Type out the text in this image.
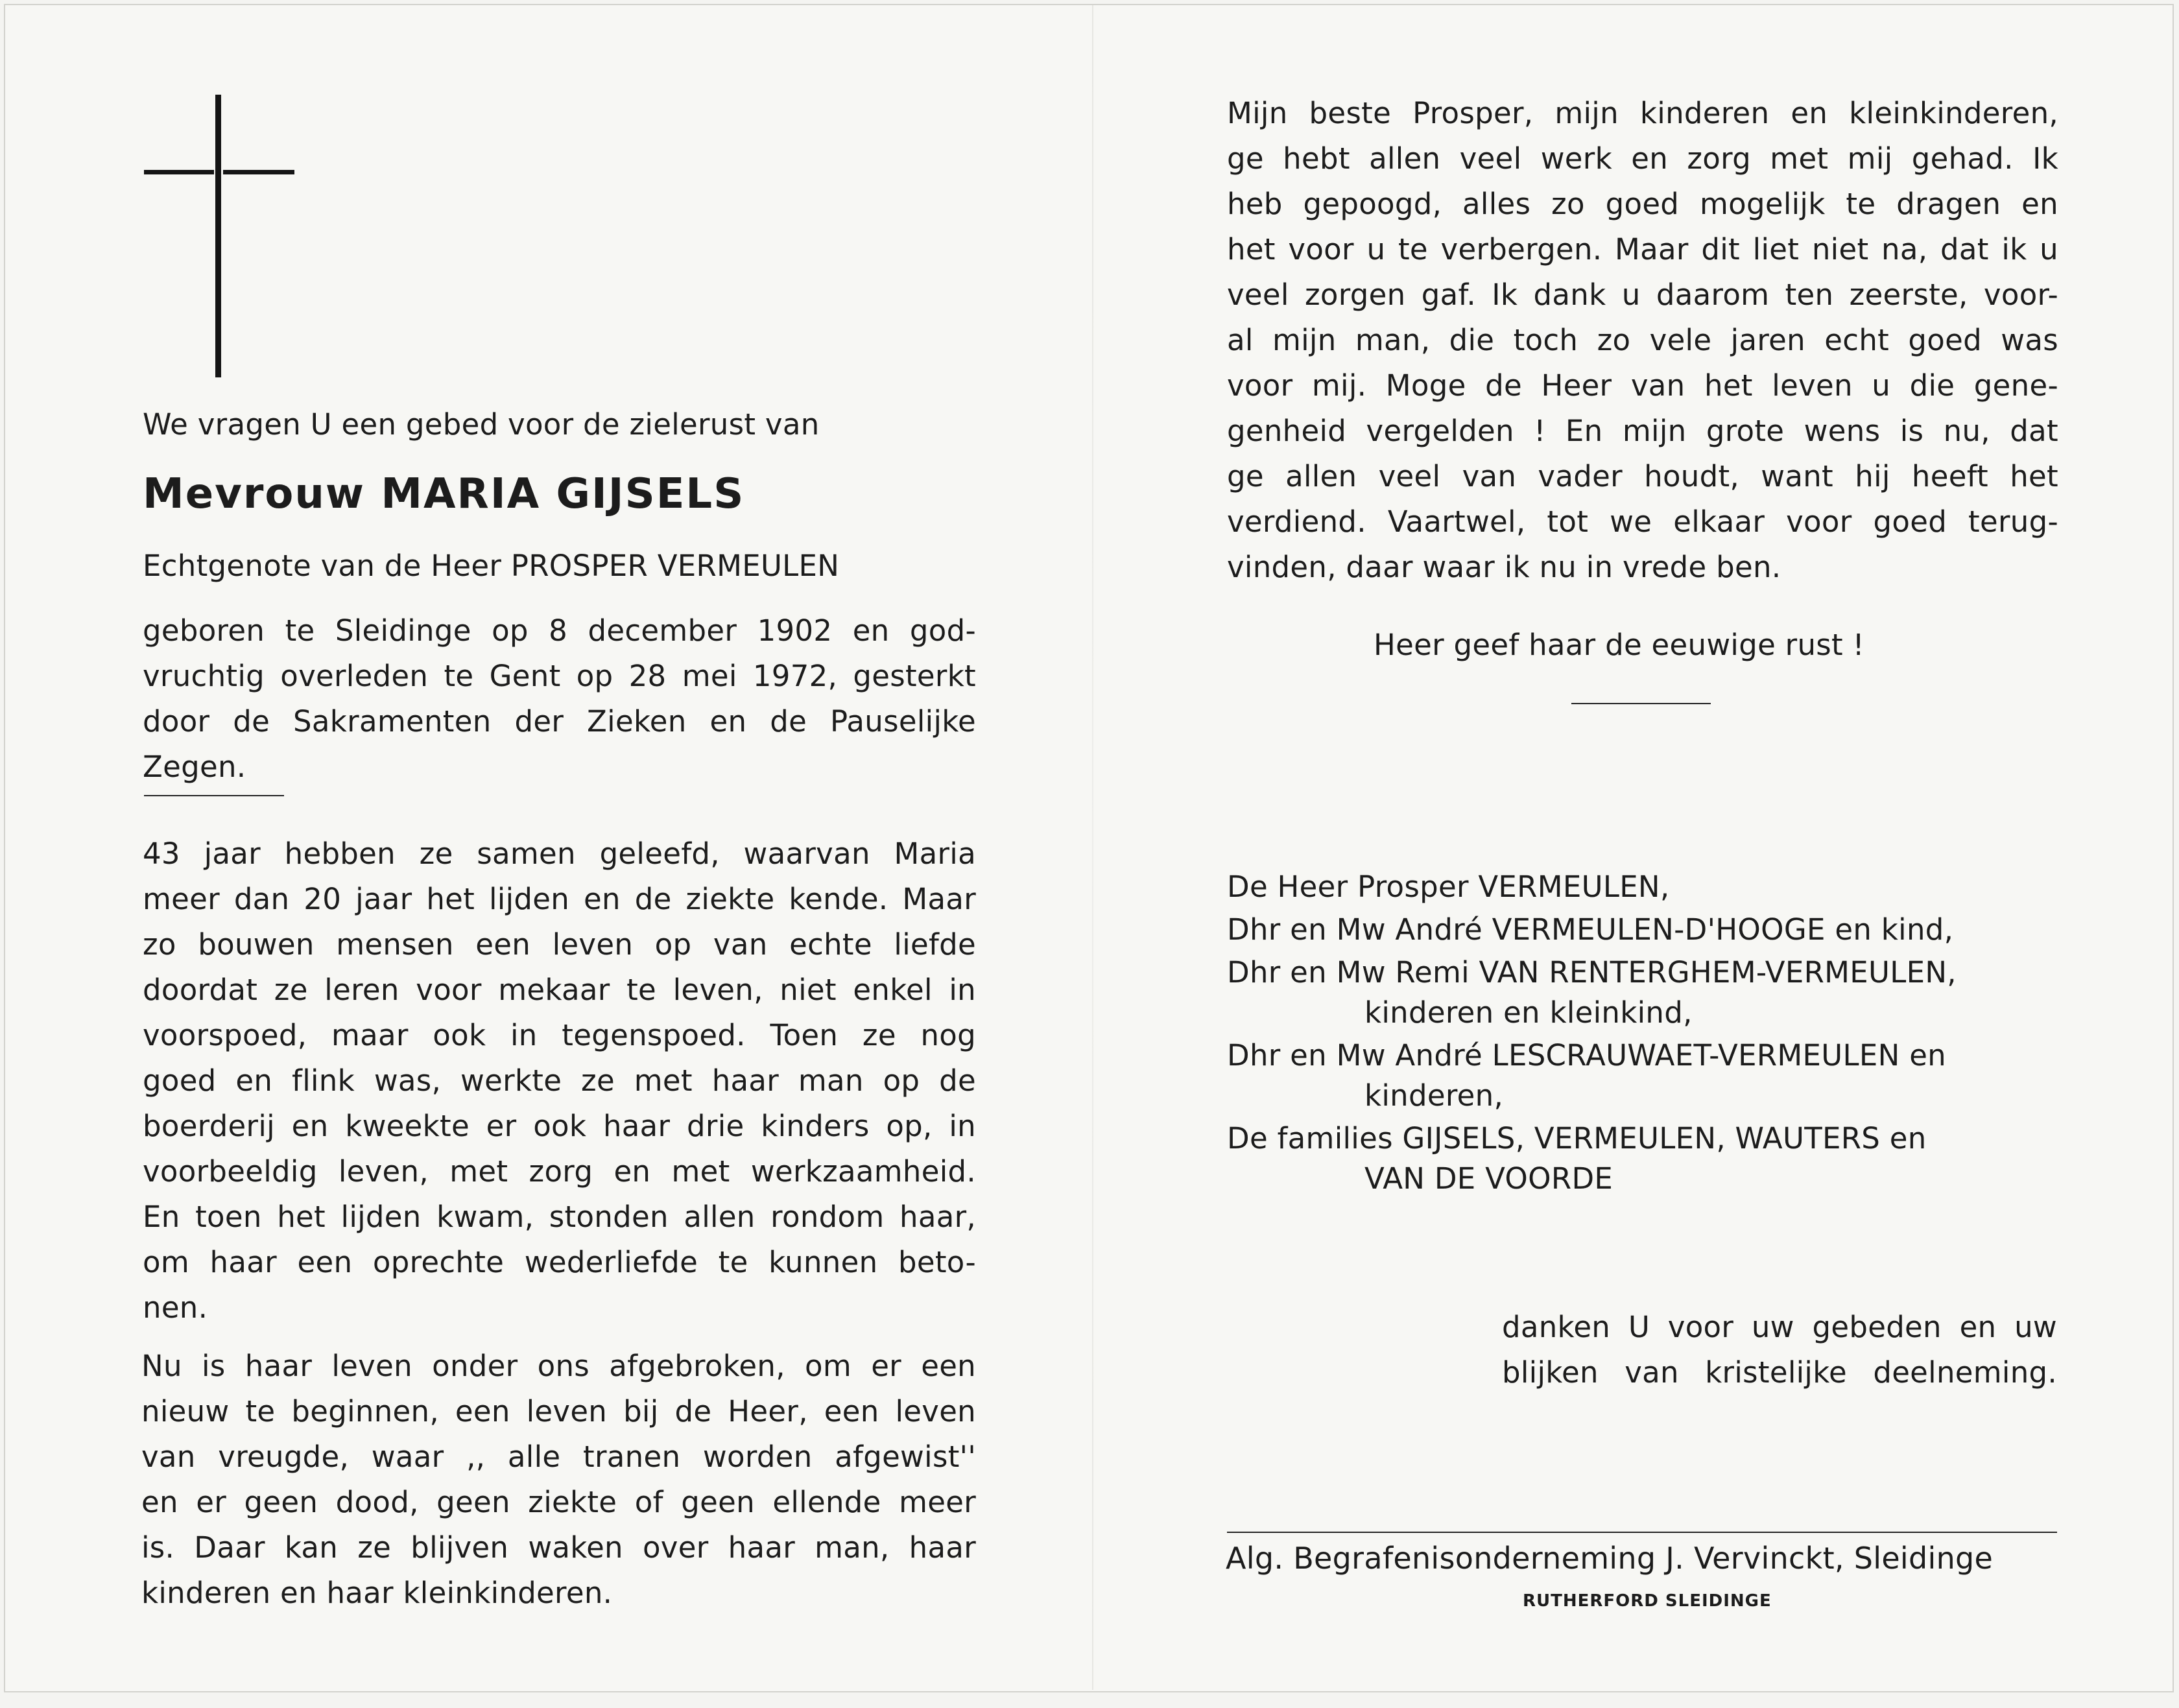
We vragen U een gebed voor de zielerust van
Mevrouw MARIA GIJSELS
Echtgenote van de Heer PROSPER VERMEULEN
geboren te Sleidinge op 8 december 1902 en god-
vruchtig overleden te Gent op 28 mei 1972, gesterkt
door de Sakramenten der Zieken en de Pauselijke
Zegen.
43 jaar hebben ze samen geleefd, waarvan Maria
meer dan 20 jaar het lijden en de ziekte kende. Maar
zo bouwen mensen een leven op van echte liefde
doordat ze leren voor mekaar te leven, niet enkel in
voorspoed, maar ook in tegenspoed. Toen ze nog
goed en flink was, werkte ze met haar man op de
boerderij en kweekte er ook haar drie kinders op, in
voorbeeldig leven, met zorg en met werkzaamheid.
En toen het lijden kwam, stonden allen rondom haar,
om haar een oprechte wederliefde te kunnen beto-
nen.
Nu is haar leven onder ons afgebroken, om er een
nieuw te beginnen, een leven bij de Heer, een leven
van vreugde, waar ,, alle tranen worden afgewist''
en er geen dood, geen ziekte of geen ellende meer
is. Daar kan ze blijven waken over haar man, haar
kinderen en haar kleinkinderen.
Mijn beste Prosper, mijn kinderen en kleinkinderen,
ge hebt allen veel werk en zorg met mij gehad. Ik
heb gepoogd, alles zo goed mogelijk te dragen en
het voor u te verbergen. Maar dit liet niet na, dat ik u
veel zorgen gaf. Ik dank u daarom ten zeerste, voor-
al mijn man, die toch zo vele jaren echt goed was
voor mij. Moge de Heer van het leven u die gene-
genheid vergelden ! En mijn grote wens is nu, dat
ge allen veel van vader houdt, want hij heeft het
verdiend. Vaartwel, tot we elkaar voor goed terug-
vinden, daar waar ik nu in vrede ben.
Heer geef haar de eeuwige rust !
De Heer Prosper VERMEULEN,
Dhr en Mw André VERMEULEN-D'HOOGE en kind,
Dhr en Mw Remi VAN RENTERGHEM-VERMEULEN,
kinderen en kleinkind,
Dhr en Mw André LESCRAUWAET-VERMEULEN en
kinderen,
De families GIJSELS, VERMEULEN, WAUTERS en
VAN DE VOORDE
danken U voor uw gebeden en uw
blijken van kristelijke deelneming.
Alg. Begrafenisonderneming J. Vervinckt, Sleidinge
RUTHERFORD SLEIDINGE
